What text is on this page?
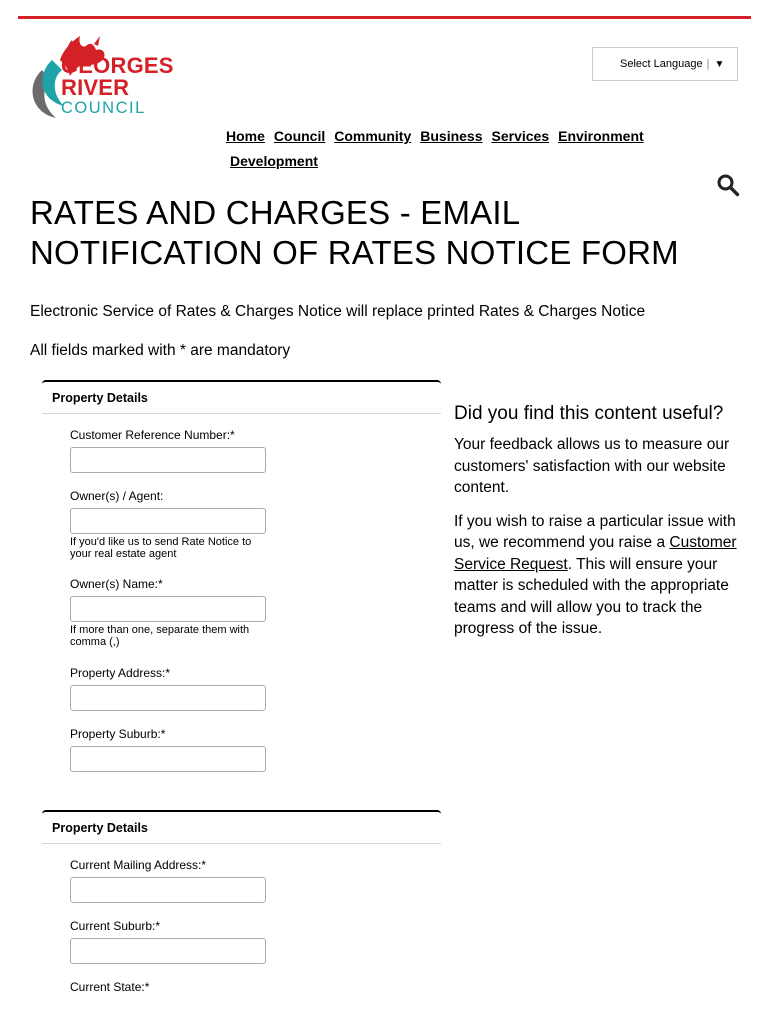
GEORGES
RIVER
COUNCIL
Select Language | ▼
Home Council Community Business Services Environment
Development
RATES AND CHARGES - EMAIL NOTIFICATION OF RATES NOTICE FORM

Electronic Service of Rates & Charges Notice will replace printed Rates & Charges Notice

All fields marked with * are mandatory

Property Details
Customer Reference Number:*
Owner(s) / Agent:
If you'd like us to send Rate Notice to your real estate agent
Owner(s) Name:*
If more than one, separate them with comma (,)
Property Address:*
Property Suburb:*
Property Details
Current Mailing Address:*
Current Suburb:*
Current State:*
Did you find this content useful?

Your feedback allows us to measure our customers' satisfaction with our website content.

If you wish to raise a particular issue with us, we recommend you raise a Customer Service Request. This will ensure your matter is scheduled with the appropriate teams and will allow you to track the progress of the issue.
